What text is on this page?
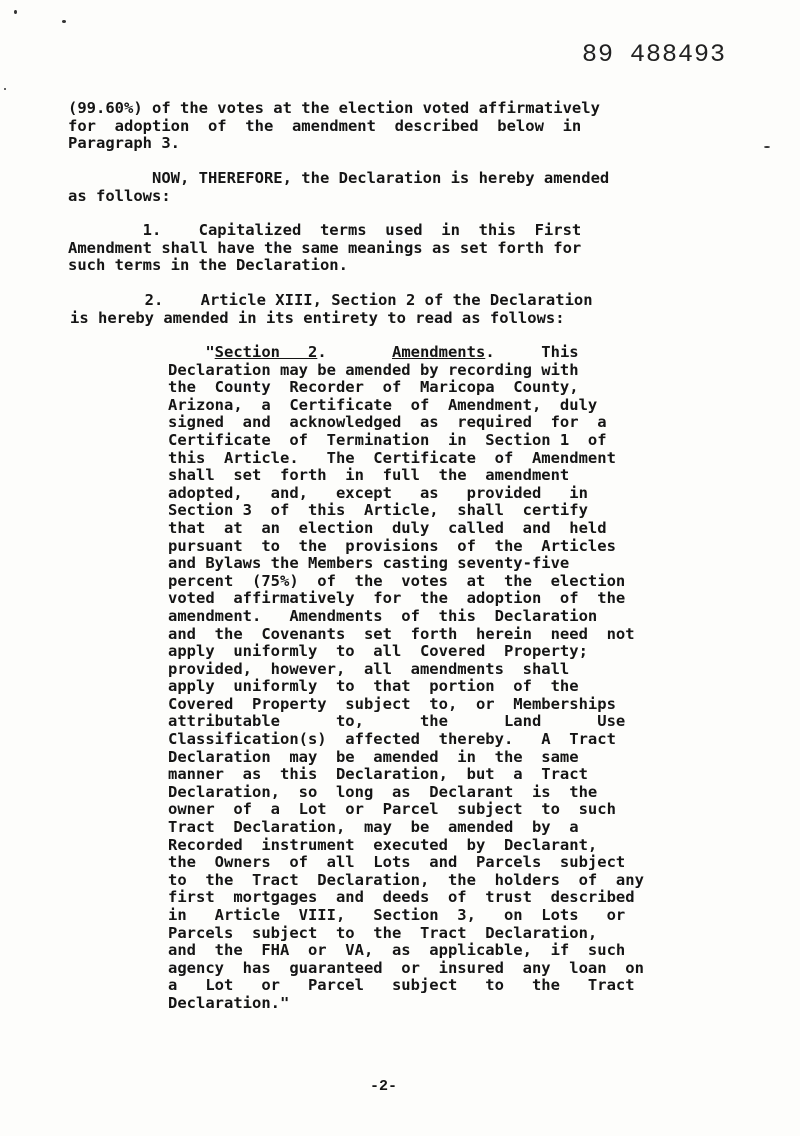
89 488493
(99.60%) of the votes at the election voted affirmatively
for  adoption  of  the  amendment  described  below  in
Paragraph 3.
NOW, THEREFORE, the Declaration is hereby amended
as follows:
1.    Capitalized  terms  used  in  this  First
Amendment shall have the same meanings as set forth for
such terms in the Declaration.
2.    Article XIII, Section 2 of the Declaration
is hereby amended in its entirety to read as follows:
"Section   2.       Amendments.     This
Declaration may be amended by recording with
the  County  Recorder  of  Maricopa  County,
Arizona,  a  Certificate  of  Amendment,  duly
signed  and  acknowledged  as  required  for  a
Certificate  of  Termination  in  Section 1  of
this  Article.   The  Certificate  of  Amendment
shall  set  forth  in  full  the  amendment
adopted,   and,   except   as   provided   in
Section 3  of  this  Article,  shall  certify
that  at  an  election  duly  called  and  held
pursuant  to  the  provisions  of  the  Articles
and Bylaws the Members casting seventy-five
percent  (75%)  of  the  votes  at  the  election
voted  affirmatively  for  the  adoption  of  the
amendment.   Amendments  of  this  Declaration
and  the  Covenants  set  forth  herein  need  not
apply  uniformly  to  all  Covered  Property;
provided,  however,  all  amendments  shall
apply  uniformly  to  that  portion  of  the
Covered  Property  subject  to,  or  Memberships
attributable      to,      the      Land      Use
Classification(s)  affected  thereby.   A  Tract
Declaration  may  be  amended  in  the  same
manner  as  this  Declaration,  but  a  Tract
Declaration,  so  long  as  Declarant  is  the
owner  of  a  Lot  or  Parcel  subject  to  such
Tract  Declaration,  may  be  amended  by  a
Recorded  instrument  executed  by  Declarant,
the  Owners  of  all  Lots  and  Parcels  subject
to  the  Tract  Declaration,  the  holders  of  any
first  mortgages  and  deeds  of  trust  described
in   Article  VIII,   Section  3,   on  Lots   or
Parcels  subject  to  the  Tract  Declaration,
and  the  FHA  or  VA,  as  applicable,  if  such
agency  has  guaranteed  or  insured  any  loan  on
a   Lot   or   Parcel   subject   to   the   Tract
Declaration."
-2-
